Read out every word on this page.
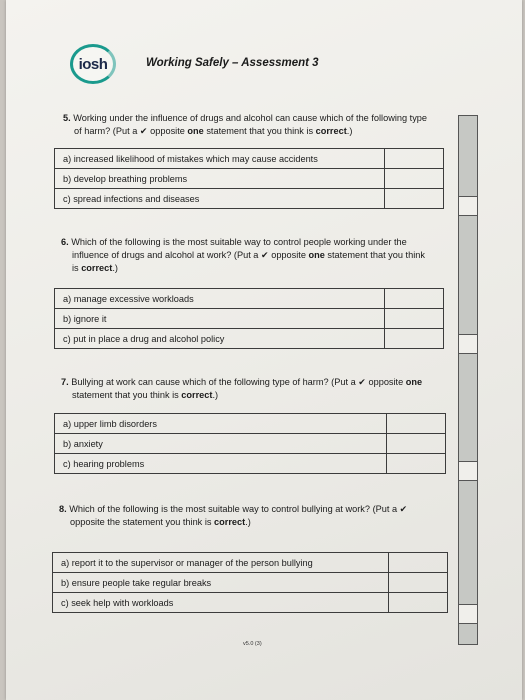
iosh	Working Safely – Assessment 3
5. Working under the influence of drugs and alcohol can cause which of the following type
of harm? (Put a ✔ opposite one statement that you think is correct.)
a) increased likelihood of mistakes which may cause accidents	
b) develop breathing problems	
c) spread infections and diseases	
6. Which of the following is the most suitable way to control people working under the
influence of drugs and alcohol at work? (Put a ✔ opposite one statement that you think
is correct.)
a) manage excessive workloads	
b) ignore it	
c) put in place a drug and alcohol policy	
7. Bullying at work can cause which of the following type of harm? (Put a ✔ opposite one
statement that you think is correct.)
a) upper limb disorders	
b) anxiety	
c) hearing problems	
8. Which of the following is the most suitable way to control bullying at work? (Put a ✔
opposite the statement you think is correct.)
a) report it to the supervisor or manager of the person bullying	
b) ensure people take regular breaks	
c) seek help with workloads	
v5.0 (3)
